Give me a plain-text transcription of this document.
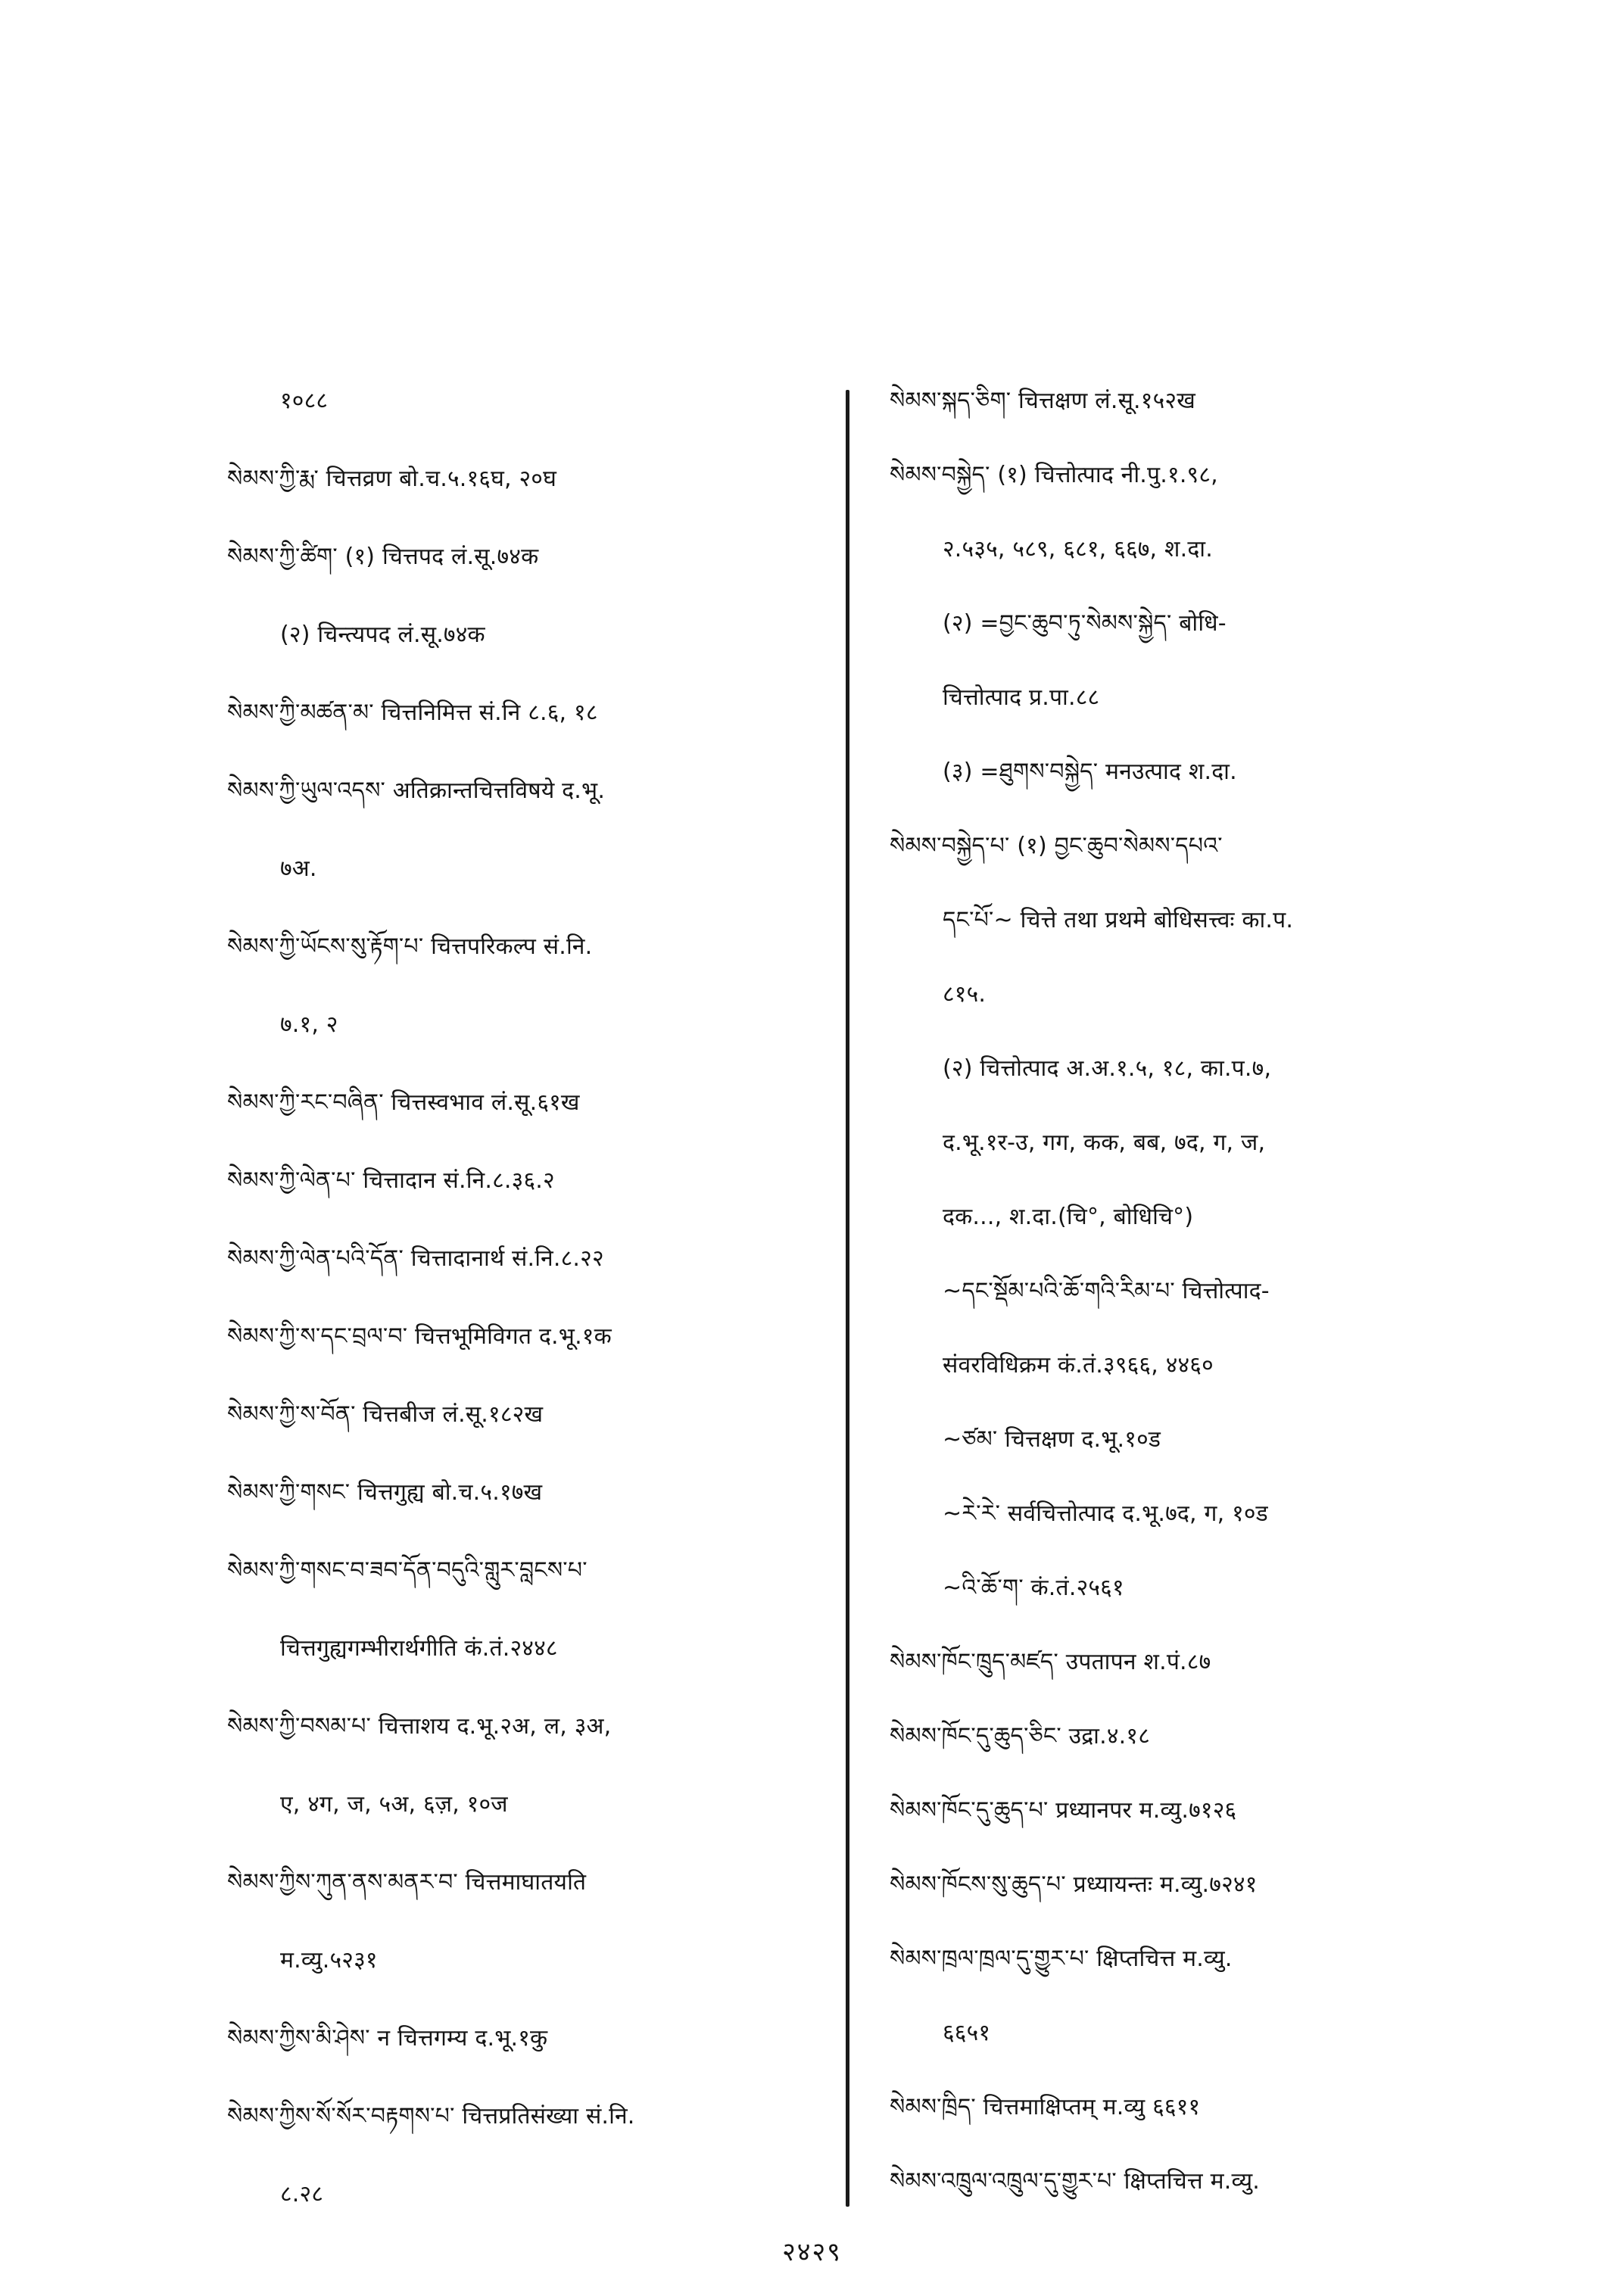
१०८८
སེམས་ཀྱི་རྨ་ चित्तव्रण बो.च.५.१६घ, २०घ
སེམས་ཀྱི་ཚིག་ (१) चित्तपद लं.सू.७४क
(२) चिन्त्यपद लं.सू.७४क
སེམས་ཀྱི་མཚན་མ་ चित्तनिमित्त सं.नि ८.६, १८
སེམས་ཀྱི་ཡུལ་འདས་ अतिक्रान्तचित्तविषये द.भू.
७अ.
སེམས་ཀྱི་ཡོངས་སུ་རྟོག་པ་ चित्तपरिकल्प सं.नि.
७.१, २
སེམས་ཀྱི་རང་བཞིན་ चित्तस्वभाव लं.सू.६१ख
སེམས་ཀྱི་ལེན་པ་ चित्तादान सं.नि.८.३६.२
སེམས་ཀྱི་ལེན་པའི་དོན་ चित्तादानार्थ सं.नि.८.२२
སེམས་ཀྱི་ས་དང་བྲལ་བ་ चित्तभूमिविगत द.भू.१क
སེམས་ཀྱི་ས་བོན་ चित्तबीज लं.सू.१८२ख
སེམས་ཀྱི་གསང་ चित्तगुह्य बो.च.५.१७ख
སེམས་ཀྱི་གསང་བ་ཟབ་དོན་བདུའི་གླུར་བླངས་པ་
चित्तगुह्यगम्भीरार्थगीति कं.तं.२४४८
སེམས་ཀྱི་བསམ་པ་ चित्ताशय द.भू.२अ, ल, ३अ,
ए, ४ग, ज, ५अ, ६ज़, १०ज
སེམས་ཀྱིས་ཀུན་ནས་མནར་བ་ चित्तमाघातयति
म.व्यु.५२३१
སེམས་ཀྱིས་མི་ཤེས་ न चित्तगम्य द.भू.१कु
སེམས་ཀྱིས་སོ་སོར་བརྟགས་པ་ चित्तप्रतिसंख्या सं.नि.
८.२८
སེམས་སྐད་ཅིག་ चित्तक्षण लं.सू.१५२ख
སེམས་བསྐྱེད་ (१) चित्तोत्पाद नी.पु.१.९८,
२.५३५, ५८९, ६८१, ६६७, श.दा.
(२) =བྱང་ཆུབ་ཏུ་སེམས་སྐྱེད་ बोधि-
चित्तोत्पाद प्र.पा.८८
(३) =ཐུགས་བསྐྱེད་ मनउत्पाद श.दा.
སེམས་བསྐྱེད་པ་ (१) བྱང་ཆུབ་སེམས་དཔའ་
དང་པོ་~ चित्ते तथा प्रथमे बोधिसत्त्वः का.प.
८१५.
(२) चित्तोत्पाद अ.अ.१.५, १८, का.प.७,
द.भू.१र-उ, गग, कक, बब, ७द, ग, ज,
दक..., श.दा.(चि°, बोधिचि°)
~དང་སྡོམ་པའི་ཆོ་གའི་རིམ་པ་ चित्तोत्पाद-
संवरविधिक्रम कं.तं.३९६६, ४४६०
~ཙམ་ चित्तक्षण द.भू.१०ड
~རེ་རེ་ सर्वचित्तोत्पाद द.भू.७द, ग, १०ड
~འི་ཆོ་ག་ कं.तं.२५६१
སེམས་ཁོང་ཁྲུད་མཛད་ उपतापन श.पं.८७
སེམས་ཁོང་དུ་ཆུད་ཅིང་ उद्रा.४.१८
སེམས་ཁོང་དུ་ཆུད་པ་ प्रध्यानपर म.व्यु.७१२६
སེམས་ཁོངས་སུ་ཆུད་པ་ प्रध्यायन्तः म.व्यु.७२४१
སེམས་ཁྲལ་ཁྲལ་དུ་གྱུར་པ་ क्षिप्तचित्त म.व्यु.
६६५१
སེམས་ཁྲིད་ चित्तमाक्षिप्तम् म.व्यु ६६११
སེམས་འཁྲུལ་འཁྲུལ་དུ་གྱུར་པ་ क्षिप्तचित्त म.व्यु.
२४२९
